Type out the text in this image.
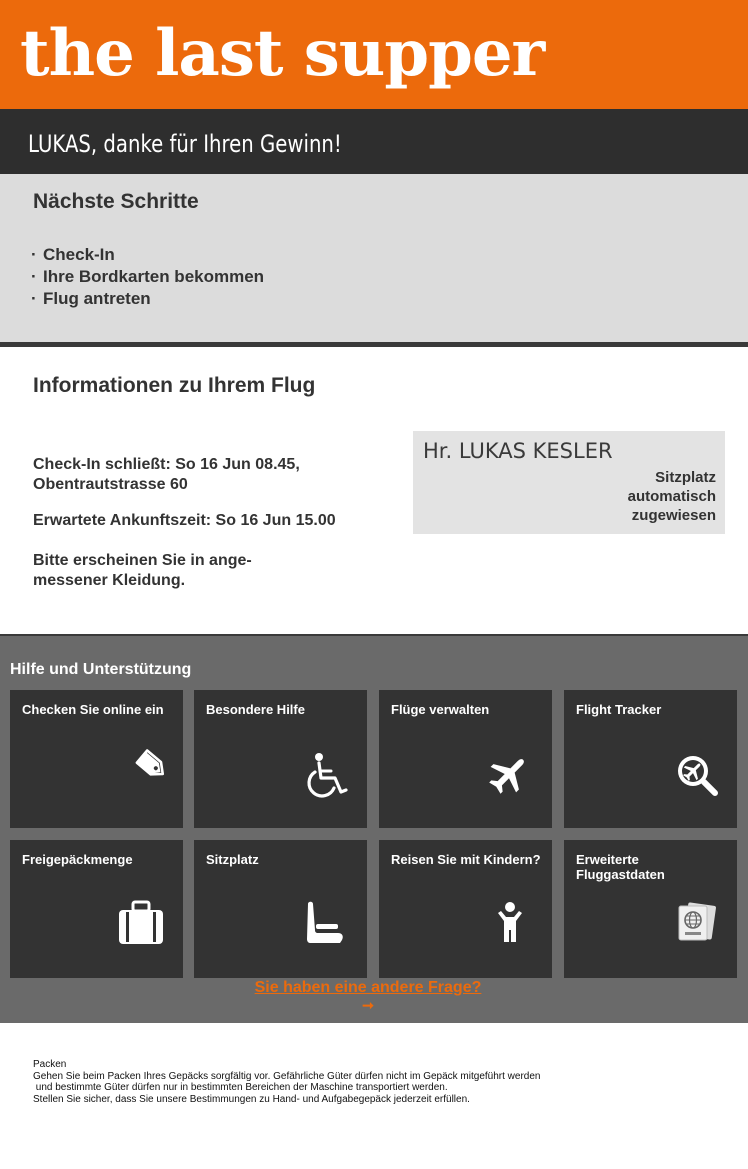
the last supper
LUKAS, danke für Ihren Gewinn!
Nächste Schritte
· Check-In
· Ihre Bordkarten bekommen
· Flug antreten
Informationen zu Ihrem Flug

Check-In schließt: So 16 Jun 08.45,
Obentrautstrasse 60

Erwartete Ankunftszeit: So 16 Jun 15.00

Bitte erscheinen Sie in ange-
messener Kleidung.

Hr. LUKAS KESLER
Sitzplatz
automatisch
zugewiesen
Hilfe und Unterstützung
Checken Sie online ein	Besondere Hilfe	Flüge verwalten	Flight Tracker
Freigepäckmenge	Sitzplatz	Reisen Sie mit Kindern?	Erweiterte Fluggastdaten
Sie haben eine andere Frage?
➞
Packen
Gehen Sie beim Packen Ihres Gepäcks sorgfältig vor. Gefährliche Güter dürfen nicht im Gepäck mitgeführt werden
und bestimmte Güter dürfen nur in bestimmten Bereichen der Maschine transportiert werden.
Stellen Sie sicher, dass Sie unsere Bestimmungen zu Hand- und Aufgabegepäck jederzeit erfüllen.
